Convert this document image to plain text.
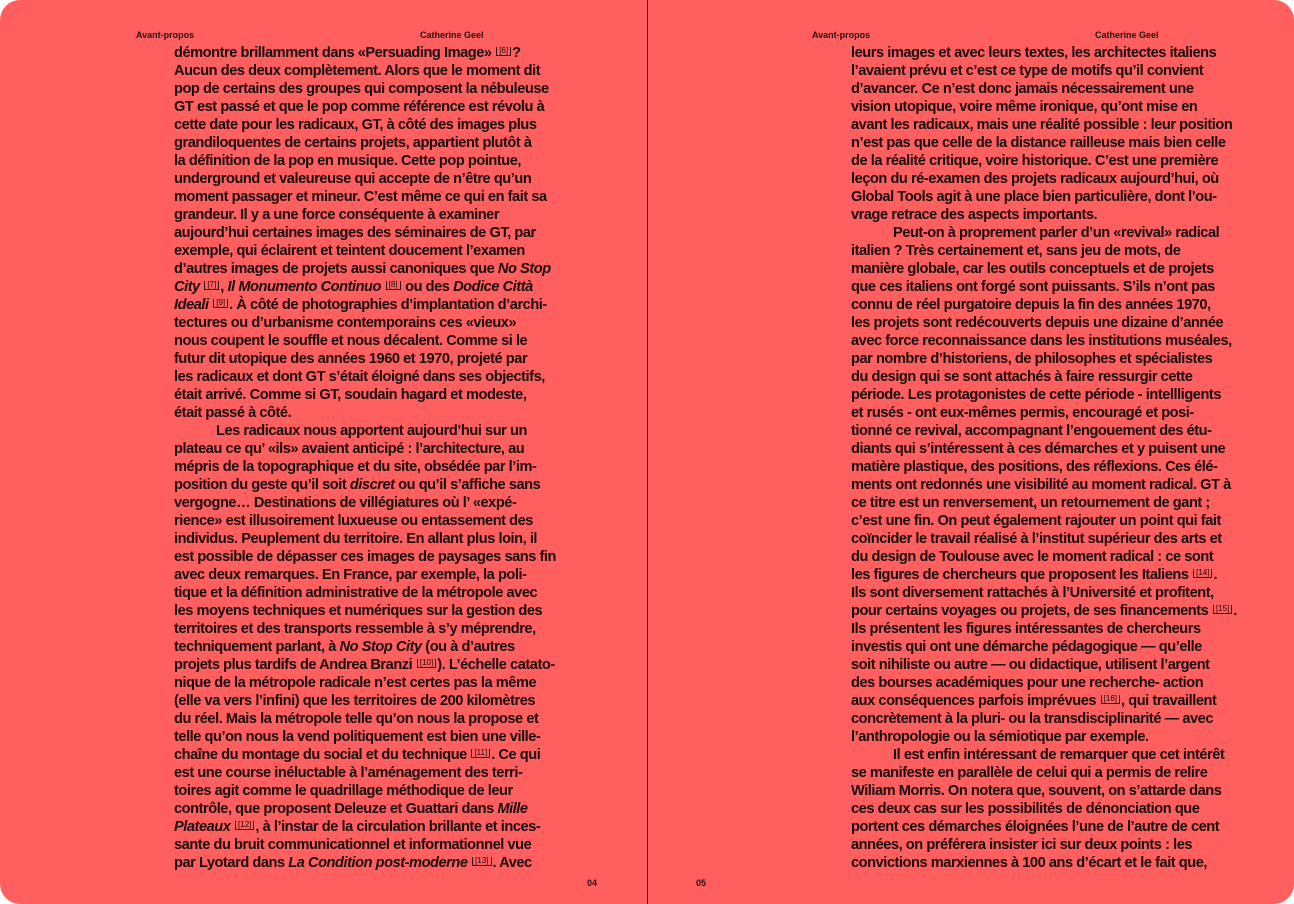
Avant-propos	Catherine Geel
démontre brillamment dans «Persuading Image» [6] ?
Aucun des deux complètement. Alors que le moment dit
pop de certains des groupes qui composent la nébuleuse
GT est passé et que le pop comme référence est révolu à
cette date pour les radicaux, GT, à côté des images plus
grandiloquentes de certains projets, appartient plutôt à
la définition de la pop en musique. Cette pop pointue,
underground et valeureuse qui accepte de n’être qu’un
moment passager et mineur. C’est même ce qui en fait sa
grandeur. Il y a une force conséquente à examiner
aujourd’hui certaines images des séminaires de GT, par
exemple, qui éclairent et teintent doucement l’examen
d’autres images de projets aussi canoniques que No Stop
City [7] , Il Monumento Continuo [8] ou des Dodice Città
Ideali [9] . À côté de photographies d’implantation d’archi-
tectures ou d’urbanisme contemporains ces «vieux»
nous coupent le souffle et nous décalent. Comme si le
futur dit utopique des années 1960 et 1970, projeté par
les radicaux et dont GT s’était éloigné dans ses objectifs,
était arrivé. Comme si GT, soudain hagard et modeste,
était passé à côté.
Les radicaux nous apportent aujourd’hui sur un
plateau ce qu’ «ils» avaient anticipé : l’architecture, au
mépris de la topographique et du site, obsédée par l’im-
position du geste qu’il soit discret ou qu’il s’affiche sans
vergogne… Destinations de villégiatures où l’ «expé-
rience» est illusoirement luxueuse ou entassement des
individus. Peuplement du territoire. En allant plus loin, il
est possible de dépasser ces images de paysages sans fin
avec deux remarques. En France, par exemple, la poli-
tique et la définition administrative de la métropole avec
les moyens techniques et numériques sur la gestion des
territoires et des transports ressemble à s’y méprendre,
techniquement parlant, à No Stop City (ou à d’autres
projets plus tardifs de Andrea Branzi [10] ). L’échelle catato-
nique de la métropole radicale n’est certes pas la même
(elle va vers l’infini) que les territoires de 200 kilomètres
du réel. Mais la métropole telle qu’on nous la propose et
telle qu’on nous la vend politiquement est bien une ville-
chaîne du montage du social et du technique [11] . Ce qui
est une course inéluctable à l’aménagement des terri-
toires agit comme le quadrillage méthodique de leur
contrôle, que proposent Deleuze et Guattari dans Mille
Plateaux [12] , à l’instar de la circulation brillante et inces-
sante du bruit communicationnel et informationnel vue
par Lyotard dans La Condition post-moderne [13] . Avec
04
Avant-propos	Catherine Geel
leurs images et avec leurs textes, les architectes italiens
l’avaient prévu et c’est ce type de motifs qu’il convient
d’avancer. Ce n’est donc jamais nécessairement une
vision utopique, voire même ironique, qu’ont mise en
avant les radicaux, mais une réalité possible : leur position
n’est pas que celle de la distance railleuse mais bien celle
de la réalité critique, voire historique. C’est une première
leçon du ré-examen des projets radicaux aujourd’hui, où
Global Tools agit à une place bien particulière, dont l’ou-
vrage retrace des aspects importants.
Peut-on à proprement parler d’un «revival» radical
italien ? Très certainement et, sans jeu de mots, de
manière globale, car les outils conceptuels et de projets
que ces italiens ont forgé sont puissants. S’ils n’ont pas
connu de réel purgatoire depuis la fin des années 1970,
les projets sont redécouverts depuis une dizaine d’année
avec force reconnaissance dans les institutions muséales,
par nombre d’historiens, de philosophes et spécialistes
du design qui se sont attachés à faire ressurgir cette
période. Les protagonistes de cette période - intellligents
et rusés - ont eux-mêmes permis, encouragé et posi-
tionné ce revival, accompagnant l’engouement des étu-
diants qui s’intéressent à ces démarches et y puisent une
matière plastique, des positions, des réflexions. Ces élé-
ments ont redonnés une visibilité au moment radical. GT à
ce titre est un renversement, un retournement de gant ;
c’est une fin. On peut également rajouter un point qui fait
coïncider le travail réalisé à l’institut supérieur des arts et
du design de Toulouse avec le moment radical : ce sont
les figures de chercheurs que proposent les Italiens [14] .
Ils sont diversement rattachés à l’Université et profitent,
pour certains voyages ou projets, de ses financements [15] .
Ils présentent les figures intéressantes de chercheurs
investis qui ont une démarche pédagogique — qu’elle
soit nihiliste ou autre — ou didactique, utilisent l’argent
des bourses académiques pour une recherche- action
aux conséquences parfois imprévues [16] , qui travaillent
concrètement à la pluri- ou la transdisciplinarité — avec
l’anthropologie ou la sémiotique par exemple.
Il est enfin intéressant de remarquer que cet intérêt
se manifeste en parallèle de celui qui a permis de relire
Wiliam Morris. On notera que, souvent, on s’attarde dans
ces deux cas sur les possibilités de dénonciation que
portent ces démarches éloignées l’une de l’autre de cent
années, on préférera insister ici sur deux points : les
convictions marxiennes à 100 ans d’écart et le fait que,
05
